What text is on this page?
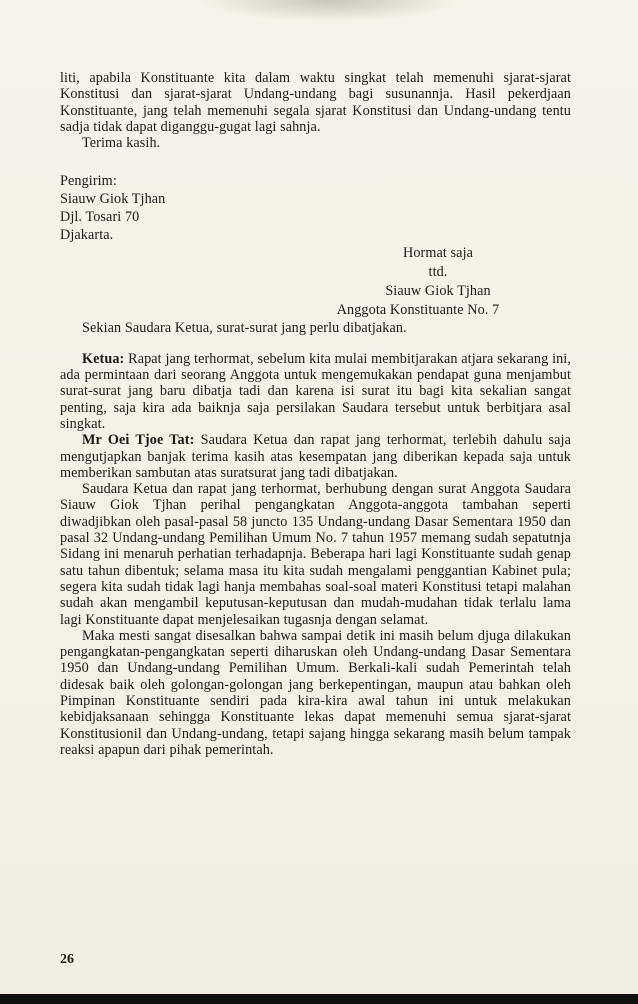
liti, apabila Konstituante kita dalam waktu singkat telah memenuhi sjarat-sjarat Konstitusi dan sjarat-sjarat Undang-undang bagi susunannja. Hasil pekerdjaan Konstituante, jang telah memenuhi segala sjarat Konstitusi dan Undang-undang tentu sadja tidak dapat diganggu-gugat lagi sahnja.

Terima kasih.

Pengirim:
Siauw Giok Tjhan
Djl. Tosari 70
Djakarta.
Hormat saja
ttd.
Siauw Giok Tjhan
Anggota Konstituante No. 7

Sekian Saudara Ketua, surat-surat jang perlu dibatjakan.

Ketua: Rapat jang terhormat, sebelum kita mulai membitjarakan atjara sekarang ini, ada permintaan dari seorang Anggota untuk mengemukakan pendapat guna menjambut surat-surat jang baru dibatja tadi dan karena isi surat itu bagi kita sekalian sangat penting, saja kira ada baiknja saja persilakan Saudara tersebut untuk berbitjara asal singkat.

Mr Oei Tjoe Tat: Saudara Ketua dan rapat jang terhormat, terlebih dahulu saja mengutjapkan banjak terima kasih atas kesempatan jang diberikan kepada saja untuk memberikan sambutan atas suratsurat jang tadi dibatjakan.

Saudara Ketua dan rapat jang terhormat, berhubung dengan surat Anggota Saudara Siauw Giok Tjhan perihal pengangkatan Anggota-anggota tambahan seperti diwadjibkan oleh pasal-pasal 58 juncto 135 Undang-undang Dasar Sementara 1950 dan pasal 32 Undang-undang Pemilihan Umum No. 7 tahun 1957 memang sudah sepatutnja Sidang ini menaruh perhatian terhadapnja. Beberapa hari lagi Konstituante sudah genap satu tahun dibentuk; selama masa itu kita sudah mengalami penggantian Kabinet pula; segera kita sudah tidak lagi hanja membahas soal-soal materi Konstitusi tetapi malahan sudah akan mengambil keputusan-keputusan dan mudah-mudahan tidak terlalu lama lagi Konstituante dapat menjelesaikan tugasnja dengan selamat.

Maka mesti sangat disesalkan bahwa sampai detik ini masih belum djuga dilakukan pengangkatan-pengangkatan seperti diharuskan oleh Undang-undang Dasar Sementara 1950 dan Undang-undang Pemilihan Umum. Berkali-kali sudah Pemerintah telah didesak baik oleh golongan-golongan jang berkepentingan, maupun atau bahkan oleh Pimpinan Konstituante sendiri pada kira-kira awal tahun ini untuk melakukan kebidjaksanaan sehingga Konstituante lekas dapat memenuhi semua sjarat-sjarat Konstitusionil dan Undang-undang, tetapi sajang hingga sekarang masih belum tampak reaksi apapun dari pihak pemerintah.

26
